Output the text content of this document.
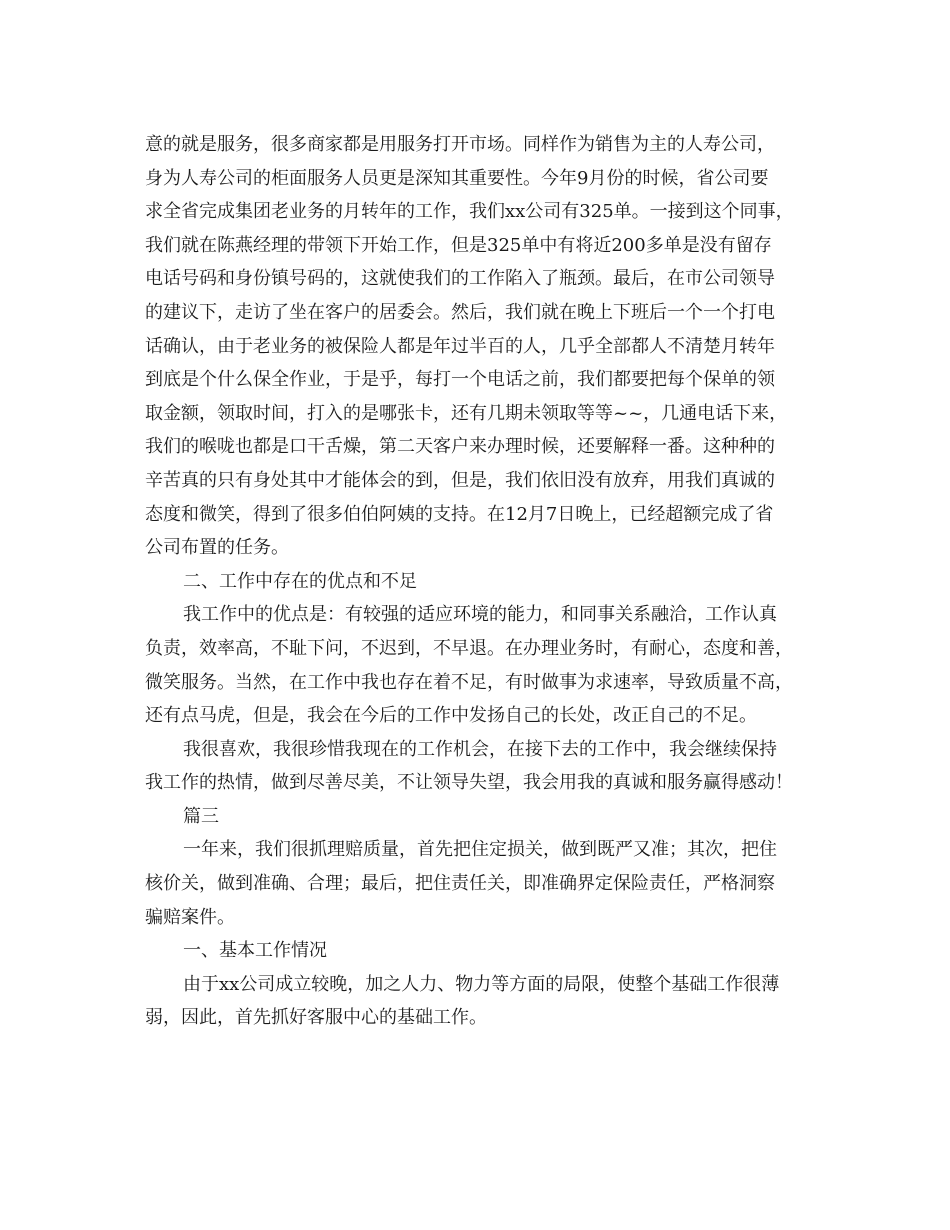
意的就是服务，很多商家都是用服务打开市场。同样作为销售为主的人寿公司，
身为人寿公司的柜面服务人员更是深知其重要性。今年9月份的时候，省公司要
求全省完成集团老业务的月转年的工作，我们xx公司有325单。一接到这个同事，
我们就在陈燕经理的带领下开始工作，但是325单中有将近200多单是没有留存
电话号码和身份镇号码的，这就使我们的工作陷入了瓶颈。最后，在市公司领导
的建议下，走访了坐在客户的居委会。然后，我们就在晚上下班后一个一个打电
话确认，由于老业务的被保险人都是年过半百的人，几乎全部都人不清楚月转年
到底是个什么保全作业，于是乎，每打一个电话之前，我们都要把每个保单的领
取金额，领取时间，打入的是哪张卡，还有几期未领取等等~~，几通电话下来，
我们的喉咙也都是口干舌燥，第二天客户来办理时候，还要解释一番。这种种的
辛苦真的只有身处其中才能体会的到，但是，我们依旧没有放弃，用我们真诚的
态度和微笑，得到了很多伯伯阿姨的支持。在12月7日晚上，已经超额完成了省
公司布置的任务。
二、工作中存在的优点和不足
我工作中的优点是：有较强的适应环境的能力，和同事关系融洽，工作认真
负责，效率高，不耻下问，不迟到，不早退。在办理业务时，有耐心，态度和善，
微笑服务。当然，在工作中我也存在着不足，有时做事为求速率，导致质量不高，
还有点马虎，但是，我会在今后的工作中发扬自己的长处，改正自己的不足。
我很喜欢，我很珍惜我现在的工作机会，在接下去的工作中，我会继续保持
我工作的热情，做到尽善尽美，不让领导失望，我会用我的真诚和服务赢得感动！
篇三
一年来，我们很抓理赔质量，首先把住定损关，做到既严又准；其次，把住
核价关，做到准确、合理；最后，把住责任关，即准确界定保险责任，严格洞察
骗赔案件。
一、基本工作情况
由于xx公司成立较晚，加之人力、物力等方面的局限，使整个基础工作很薄
弱，因此，首先抓好客服中心的基础工作。
